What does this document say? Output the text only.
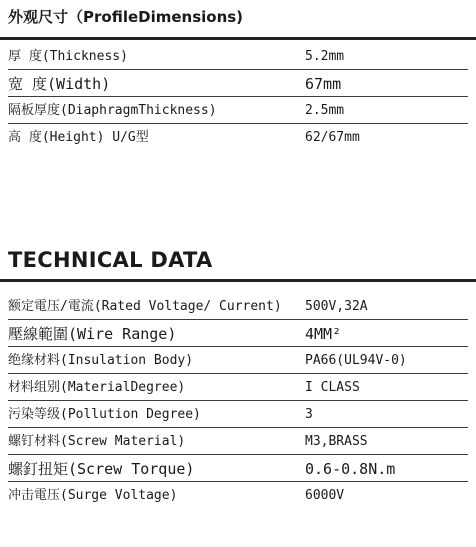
外观尺寸（ProfileDimensions)
厚 度(Thickness)	5.2mm
宽 度(Width)	67mm
隔板厚度(DiaphragmThickness)	2.5mm
高 度(Height) U/G型	62/67mm
TECHNICAL DATA
额定電压/電流(Rated Voltage/ Current) 500V,32A
壓線範圍(Wire Range)	4MM²
绝缘材料(Insulation Body)	PA66(UL94V-0)
材料组别(MaterialDegree)	I CLASS
污染等级(Pollution Degree)	3
螺钉材料(Screw Material)	M3,BRASS
螺釘扭矩(Screw Torque)	0.6-0.8N.m
冲击電压(Surge Voltage)	6000V
